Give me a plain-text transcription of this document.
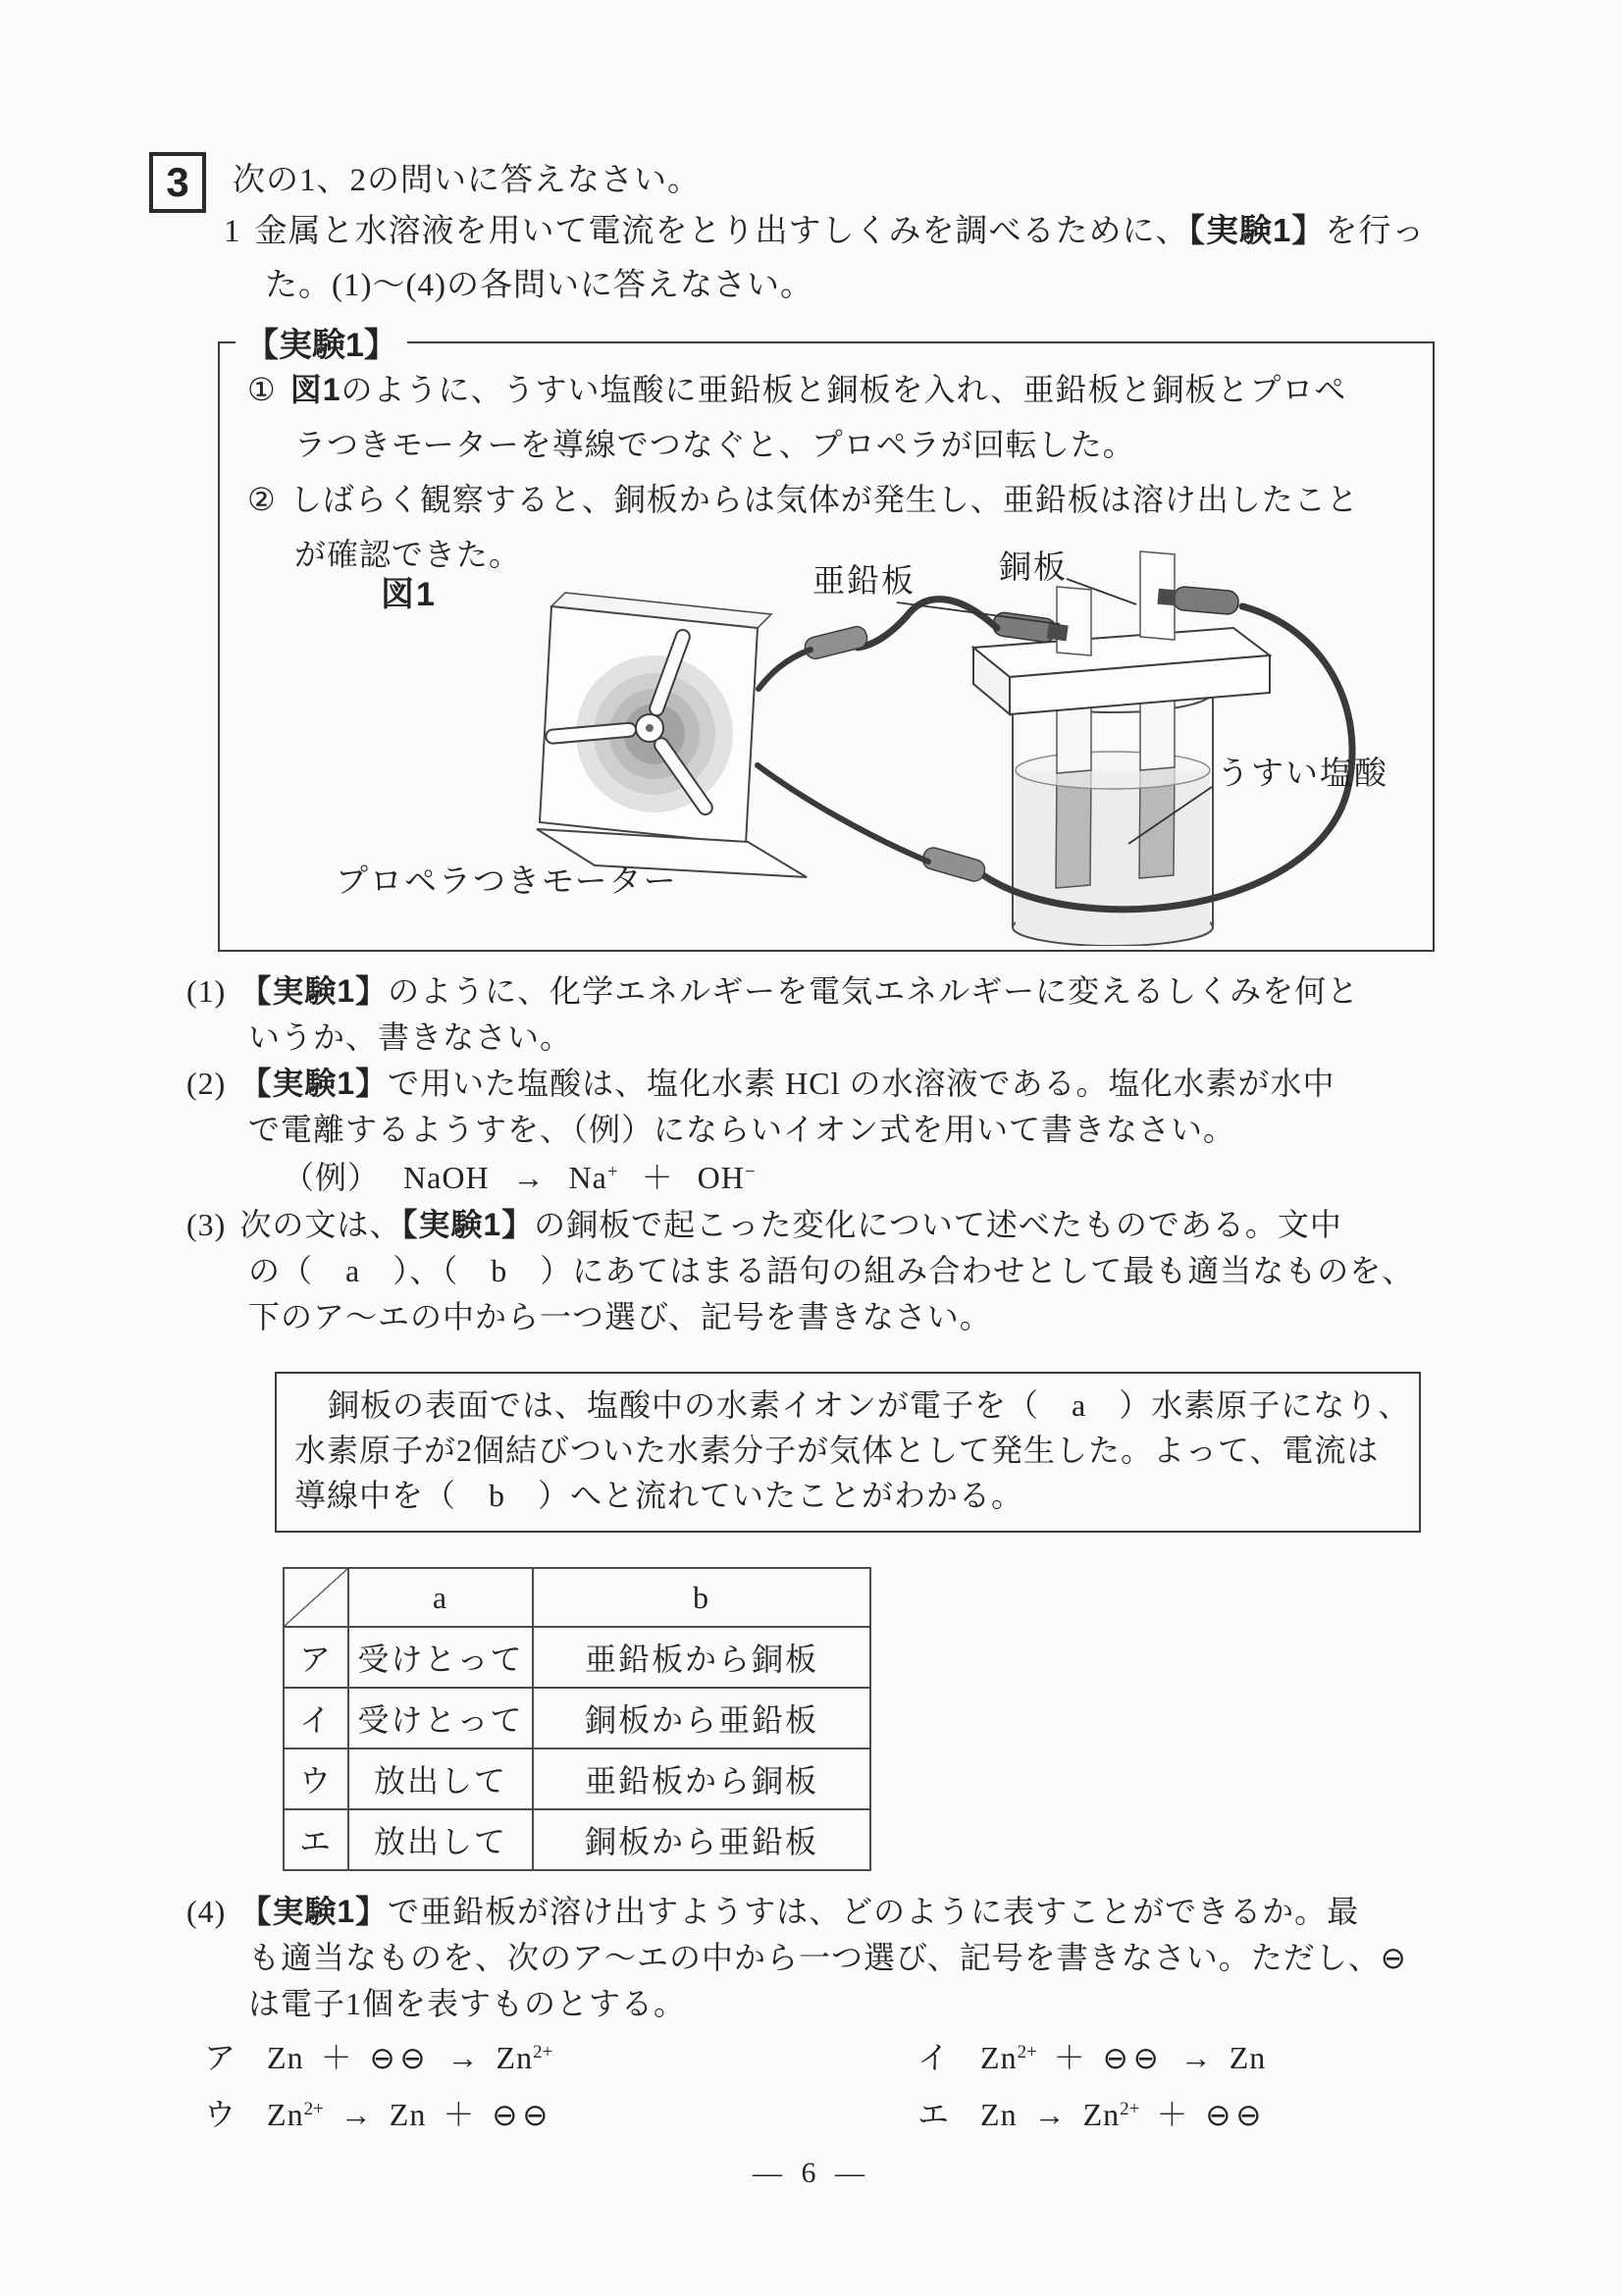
3 次の1、2の問いに答えなさい。
1 金属と水溶液を用いて電流をとり出すしくみを調べるために、【実験1】を行っ
た。(1)～(4)の各問いに答えなさい。
【実験1】
① 図1のように、うすい塩酸に亜鉛板と銅板を入れ、亜鉛板と銅板とプロペ
ラつきモーターを導線でつなぐと、プロペラが回転した。
② しばらく観察すると、銅板からは気体が発生し、亜鉛板は溶け出したこと
が確認できた。
図1	亜鉛板	銅板
うすい塩酸
プロペラつきモーター
(1) 【実験1】のように、化学エネルギーを電気エネルギーに変えるしくみを何と
いうか、書きなさい。
(2) 【実験1】で用いた塩酸は、塩化水素 HCl の水溶液である。塩化水素が水中
で電離するようすを、（例）にならいイオン式を用いて書きなさい。
（例） NaOH → Na+ ＋ OH−
(3) 次の文は、【実験1】の銅板で起こった変化について述べたものである。文中
の（　a　）、（　b　）にあてはまる語句の組み合わせとして最も適当なものを、
下のア～エの中から一つ選び、記号を書きなさい。
銅板の表面では、塩酸中の水素イオンが電子を（　a　）水素原子になり、
水素原子が2個結びついた水素分子が気体として発生した。よって、電流は
導線中を（　b　）へと流れていたことがわかる。
	a	b
ア	受けとって	亜鉛板から銅板
イ	受けとって	銅板から亜鉛板
ウ	放出して	亜鉛板から銅板
エ	放出して	銅板から亜鉛板
(4) 【実験1】で亜鉛板が溶け出すようすは、どのように表すことができるか。最
も適当なものを、次のア～エの中から一つ選び、記号を書きなさい。ただし、⊖
は電子1個を表すものとする。
ア Zn ＋ ⊖⊖ → $Zn^{2+}$	イ $Zn^{2+}$ ＋ ⊖⊖ → Zn
ウ $Zn^{2+} \to Zn$ ＋ ⊖⊖	エ $Zn \to Zn^{2+}$ ＋ ⊖⊖
— 6 —
